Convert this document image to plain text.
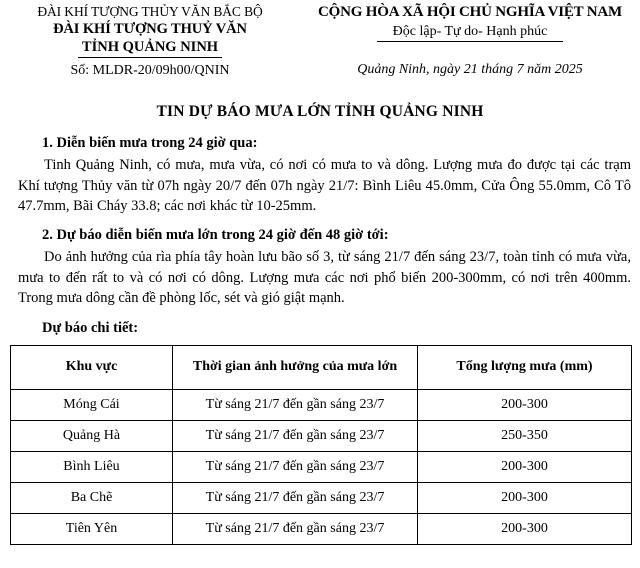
ĐÀI KHÍ TƯỢNG THỦY VĂN BẮC BỘ
ĐÀI KHÍ TƯỢNG THUỶ VĂN
TỈNH QUẢNG NINH
Số: MLDR-20/09h00/QNIN
CỘNG HÒA XÃ HỘI CHỦ NGHĨA VIỆT NAM
Độc lập- Tự do- Hạnh phúc
Quảng Ninh, ngày 21 tháng 7 năm 2025
TIN DỰ BÁO MƯA LỚN TỈNH QUẢNG NINH
1. Diễn biến mưa trong 24 giờ qua:

Tinh Quảng Ninh, có mưa, mưa vừa, có nơi có mưa to và dông. Lượng mưa đo được tại các trạm Khí tượng Thủy văn từ 07h ngày 20/7 đến 07h ngày 21/7: Bình Liêu 45.0mm, Cửa Ông 55.0mm, Cô Tô 47.7mm, Bãi Cháy 33.8; các nơi khác từ 10-25mm.

2. Dự báo diễn biến mưa lớn trong 24 giờ đến 48 giờ tới:

Do ảnh hưởng của rìa phía tây hoàn lưu bão số 3, từ sáng 21/7 đến sáng 23/7, toàn tỉnh có mưa vừa, mưa to đến rất to và có nơi có dông. Lượng mưa các nơi phổ biến 200-300mm, có nơi trên 400mm. Trong mưa dông cần đề phòng lốc, sét và gió giật mạnh.

Dự báo chi tiết:
Khu vực	Thời gian ảnh hưởng của mưa lớn	Tổng lượng mưa (mm)
Móng Cái	Từ sáng 21/7 đến gần sáng 23/7	200-300
Quảng Hà	Từ sáng 21/7 đến gần sáng 23/7	250-350
Bình Liêu	Từ sáng 21/7 đến gần sáng 23/7	200-300
Ba Chẽ	Từ sáng 21/7 đến gần sáng 23/7	200-300
Tiên Yên	Từ sáng 21/7 đến gần sáng 23/7	200-300
